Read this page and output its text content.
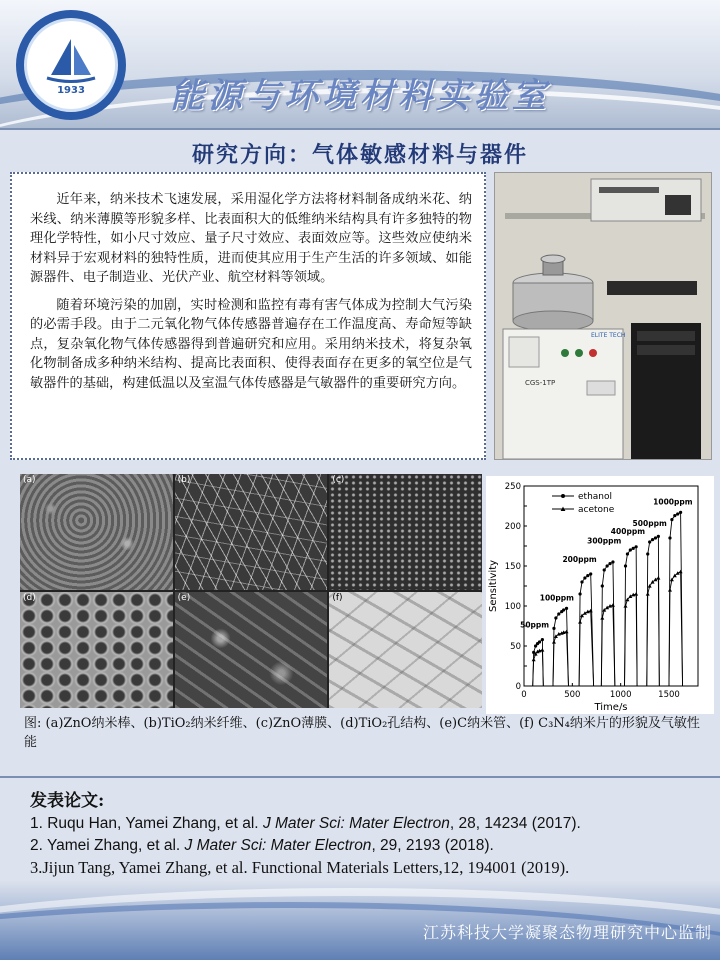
1933	能源与环境材料实验室
研究方向：气体敏感材料与器件

近年来，纳米技术飞速发展，采用湿化学方法将材料制备成纳米花、纳米线、纳米薄膜等形貌多样、比表面积大的低维纳米结构具有许多独特的物理化学特性，如小尺寸效应、量子尺寸效应、表面效应等。这些效应使纳米材料异于宏观材料的独特性质，进而使其应用于生产生活的许多领域、如能源器件、电子制造业、光伏产业、航空材料等领域。

随着环境污染的加剧，实时检测和监控有毒有害气体成为控制大气污染的必需手段。由于二元氧化物气体传感器普遍存在工作温度高、寿命短等缺点，复杂氧化物气体传感器得到普遍研究和应用。采用纳米技术，将复杂氧化物制备成多种纳米结构、提高比表面积、使得表面存在更多的氧空位是气敏器件的基础，构建低温以及室温气体传感器是气敏器件的重要研究方向。	CGS-1TP
ELITE TECH
(a)	(b)	(c)
(d)	(e)	(f)
0
50
100
150
200
250
0	500	1000	1500
Time/s
Sensitivity
ethanol
acetone
50ppm
100ppm
200ppm
300ppm
400ppm
500ppm
1000ppm
图: (a)ZnO纳米棒、(b)TiO₂纳米纤维、(c)ZnO薄膜、(d)TiO₂孔结构、(e)C纳米管、(f) C₃N₄纳米片的形貌及气敏性能
发表论文:
1. Ruqu Han, Yamei Zhang, et al. J Mater Sci: Mater Electron, 28, 14234 (2017).
2. Yamei Zhang, et al. J Mater Sci: Mater Electron, 29, 2193 (2018).
3.Jijun Tang, Yamei Zhang, et al. Functional Materials Letters,12, 194001 (2019).
江苏科技大学凝聚态物理研究中心监制
